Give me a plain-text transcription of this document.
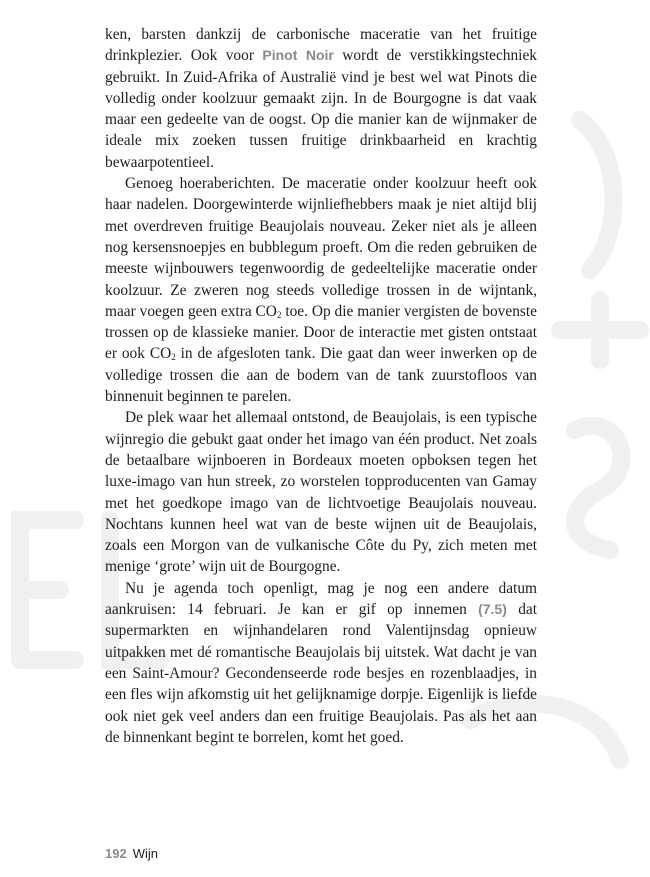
ken, barsten dankzij de carbonische maceratie van het fruitige drinkplezier. Ook voor Pinot Noir wordt de verstikkingstechniek gebruikt. In Zuid-Afrika of Australië vind je best wel wat Pinots die volledig onder koolzuur gemaakt zijn. In de Bourgogne is dat vaak maar een gedeelte van de oogst. Op die manier kan de wijnmaker de ideale mix zoeken tussen fruitige drinkbaarheid en krachtig bewaarpotentieel.

Genoeg hoeraberichten. De maceratie onder koolzuur heeft ook haar nadelen. Doorgewinterde wijnliefhebbers maak je niet altijd blij met overdreven fruitige Beaujolais nouveau. Zeker niet als je alleen nog kersensnoepjes en bubblegum proeft. Om die reden gebruiken de meeste wijnbouwers tegenwoordig de gedeeltelijke maceratie onder koolzuur. Ze zweren nog steeds volledige trossen in de wijntank, maar voegen geen extra $CO_2$ toe. Op die manier vergisten de bovenste trossen op de klassieke manier. Door de interactie met gisten ontstaat er ook $CO_2$ in de afgesloten tank. Die gaat dan weer inwerken op de volledige trossen die aan de bodem van de tank zuurstofloos van binnenuit beginnen te parelen.

De plek waar het allemaal ontstond, de Beaujolais, is een typische wijnregio die gebukt gaat onder het imago van één product. Net zoals de betaalbare wijnboeren in Bordeaux moeten opboksen tegen het luxe-imago van hun streek, zo worstelen topproducenten van Gamay met het goedkope imago van de lichtvoetige Beaujolais nouveau. Nochtans kunnen heel wat van de beste wijnen uit de Beaujolais, zoals een Morgon van de vulkanische Côte du Py, zich meten met menige ‘grote’ wijn uit de Bourgogne.

Nu je agenda toch openligt, mag je nog een andere datum aankruisen: 14 februari. Je kan er gif op innemen (7.5) dat supermarkten en wijnhandelaren rond Valentijnsdag opnieuw uitpakken met dé romantische Beaujolais bij uitstek. Wat dacht je van een Saint-Amour? Gecondenseerde rode besjes en rozenblaadjes, in een fles wijn afkomstig uit het gelijknamige dorpje. Eigenlijk is liefde ook niet gek veel anders dan een fruitige Beaujolais. Pas als het aan de binnenkant begint te borrelen, komt het goed.

192 Wijn
